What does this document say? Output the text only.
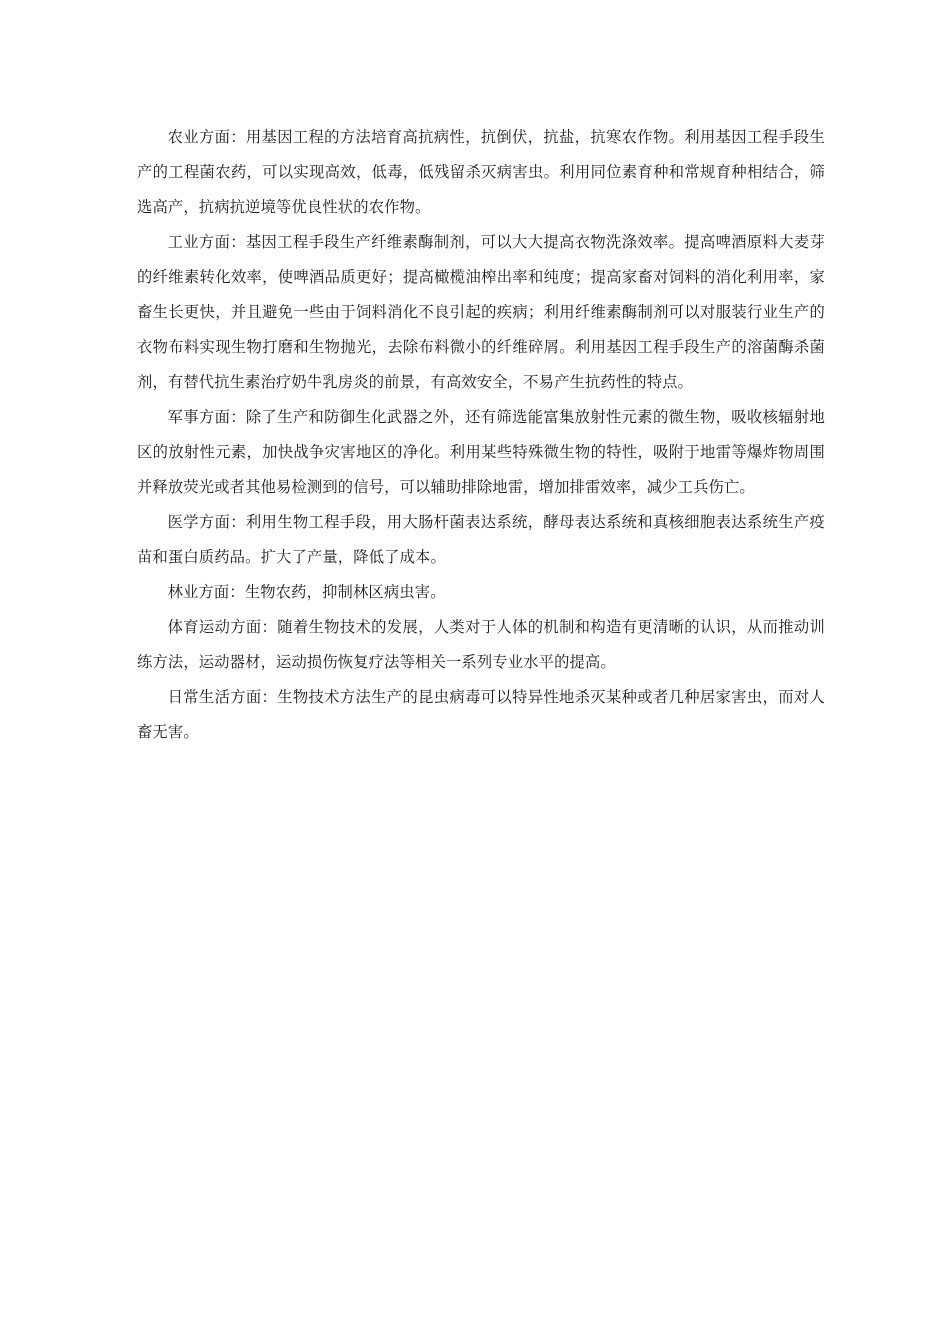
农业方面：用基因工程的方法培育高抗病性，抗倒伏，抗盐，抗寒农作物。利用基因工程手段生产的工程菌农药，可以实现高效，低毒，低残留杀灭病害虫。利用同位素育种和常规育种相结合，筛选高产，抗病抗逆境等优良性状的农作物。

工业方面：基因工程手段生产纤维素酶制剂，可以大大提高衣物洗涤效率。提高啤酒原料大麦芽的纤维素转化效率，使啤酒品质更好；提高橄榄油榨出率和纯度；提高家畜对饲料的消化利用率，家畜生长更快，并且避免一些由于饲料消化不良引起的疾病；利用纤维素酶制剂可以对服装行业生产的衣物布料实现生物打磨和生物抛光，去除布料微小的纤维碎屑。利用基因工程手段生产的溶菌酶杀菌剂，有替代抗生素治疗奶牛乳房炎的前景，有高效安全，不易产生抗药性的特点。

军事方面：除了生产和防御生化武器之外，还有筛选能富集放射性元素的微生物，吸收核辐射地区的放射性元素，加快战争灾害地区的净化。利用某些特殊微生物的特性，吸附于地雷等爆炸物周围并释放荧光或者其他易检测到的信号，可以辅助排除地雷，增加排雷效率，减少工兵伤亡。

医学方面：利用生物工程手段，用大肠杆菌表达系统，酵母表达系统和真核细胞表达系统生产疫苗和蛋白质药品。扩大了产量，降低了成本。

林业方面：生物农药，抑制林区病虫害。

体育运动方面：随着生物技术的发展，人类对于人体的机制和构造有更清晰的认识，从而推动训练方法，运动器材，运动损伤恢复疗法等相关一系列专业水平的提高。

日常生活方面：生物技术方法生产的昆虫病毒可以特异性地杀灭某种或者几种居家害虫，而对人畜无害。
